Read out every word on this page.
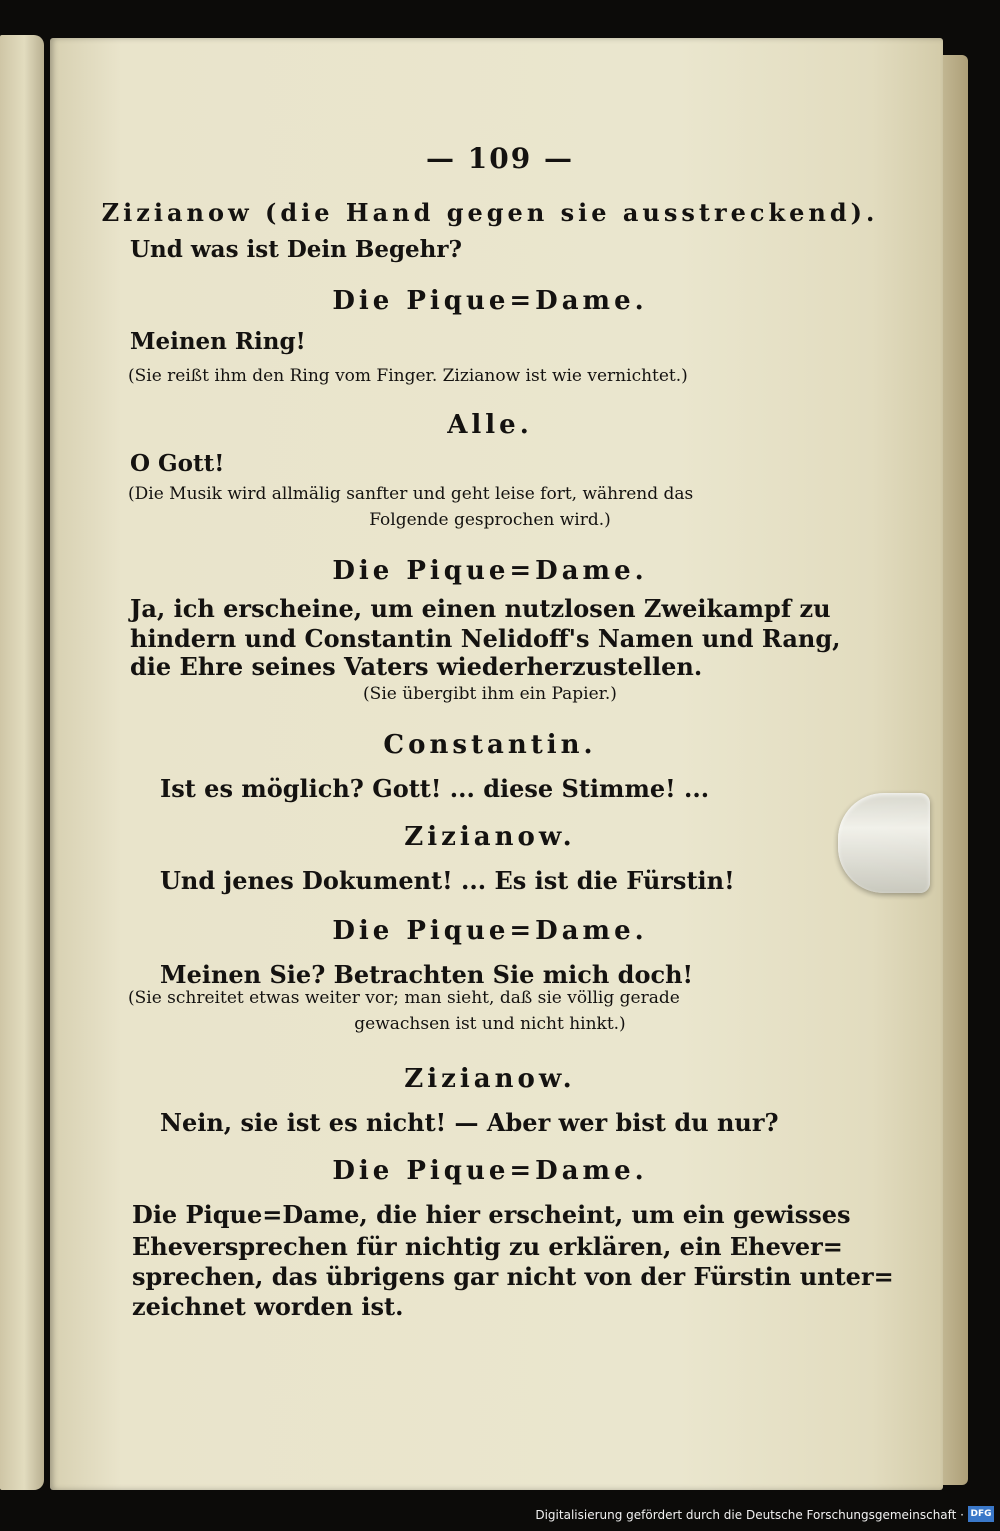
— 109 —
Zizianow (die Hand gegen sie ausstreckend).
Und was ist Dein Begehr?
Die Pique=Dame.
Meinen Ring!
(Sie reißt ihm den Ring vom Finger. Zizianow ist wie vernichtet.)
Alle.
O Gott!
(Die Musik wird allmälig sanfter und geht leise fort, während das
Folgende gesprochen wird.)
Die Pique=Dame.
Ja, ich erscheine, um einen nutzlosen Zweikampf zu
hindern und Constantin Nelidoff's Namen und Rang,
die Ehre seines Vaters wiederherzustellen.
(Sie übergibt ihm ein Papier.)
Constantin.
Ist es möglich? Gott! ... diese Stimme! ...
Zizianow.
Und jenes Dokument! ... Es ist die Fürstin!
Die Pique=Dame.
Meinen Sie? Betrachten Sie mich doch!
(Sie schreitet etwas weiter vor; man sieht, daß sie völlig gerade
gewachsen ist und nicht hinkt.)
Zizianow.
Nein, sie ist es nicht! — Aber wer bist du nur?
Die Pique=Dame.
Die Pique=Dame, die hier erscheint, um ein gewisses
Eheversprechen für nichtig zu erklären, ein Ehever=
sprechen, das übrigens gar nicht von der Fürstin unter=
zeichnet worden ist.
Digitalisierung gefördert durch die Deutsche Forschungsgemeinschaft · DFG
